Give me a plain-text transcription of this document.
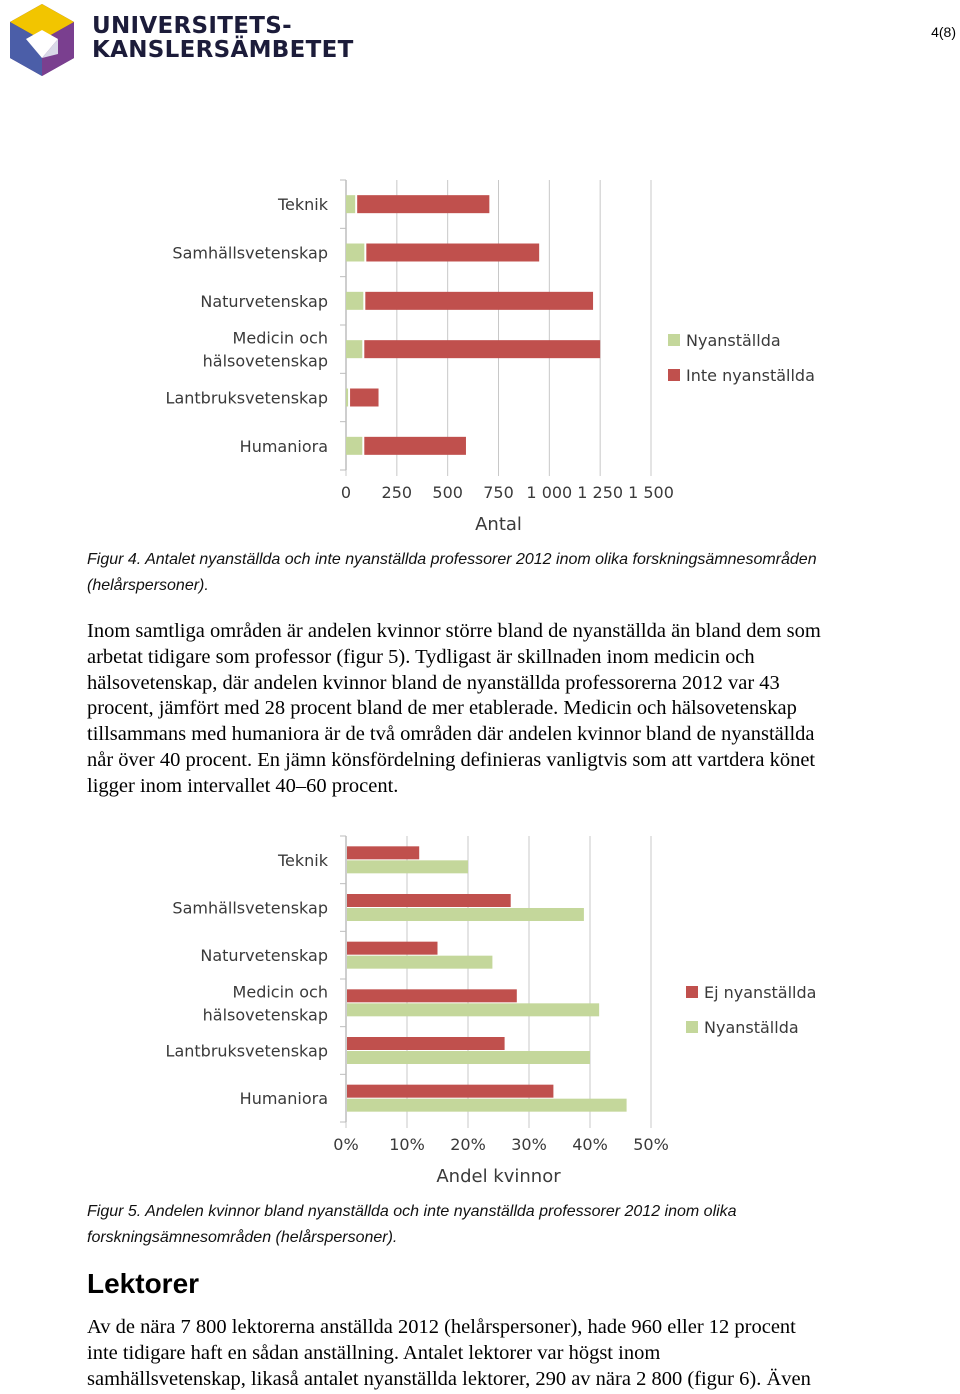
UNIVERSITETS-
KANSLERSÄMBETET
4(8)
0 250 500 750 1 000 1 250 1 500
Teknik
Samhällsvetenskap
Naturvetenskap
Medicin och
hälsovetenskap
Lantbruksvetenskap
Humaniora
Antal
Nyanställda
Inte nyanställda

Figur 4. Antalet nyanställda och inte nyanställda professorer 2012 inom olika forskningsämnesområden
(helårspersoner).

Inom samtliga områden är andelen kvinnor större bland de nyanställda än bland dem som
arbetat tidigare som professor (figur 5). Tydligast är skillnaden inom medicin och
hälsovetenskap, där andelen kvinnor bland de nyanställda professorerna 2012 var 43
procent, jämfört med 28 procent bland de mer etablerade. Medicin och hälsovetenskap
tillsammans med humaniora är de två områden där andelen kvinnor bland de nyanställda
når över 40 procent. En jämn könsfördelning definieras vanligtvis som att vartdera könet
ligger inom intervallet 40–60 procent.
0% 10% 20% 30% 40% 50%
Teknik
Samhällsvetenskap
Naturvetenskap
Medicin och
hälsovetenskap
Lantbruksvetenskap
Humaniora
Andel kvinnor
Ej nyanställda
Nyanställda

Figur 5. Andelen kvinnor bland nyanställda och inte nyanställda professorer 2012 inom olika
forskningsämnesområden (helårspersoner).

Lektorer
Av de nära 7 800 lektorerna anställda 2012 (helårspersoner), hade 960 eller 12 procent
inte tidigare haft en sådan anställning. Antalet lektorer var högst inom
samhällsvetenskap, likaså antalet nyanställda lektorer, 290 av nära 2 800 (figur 6). Även
